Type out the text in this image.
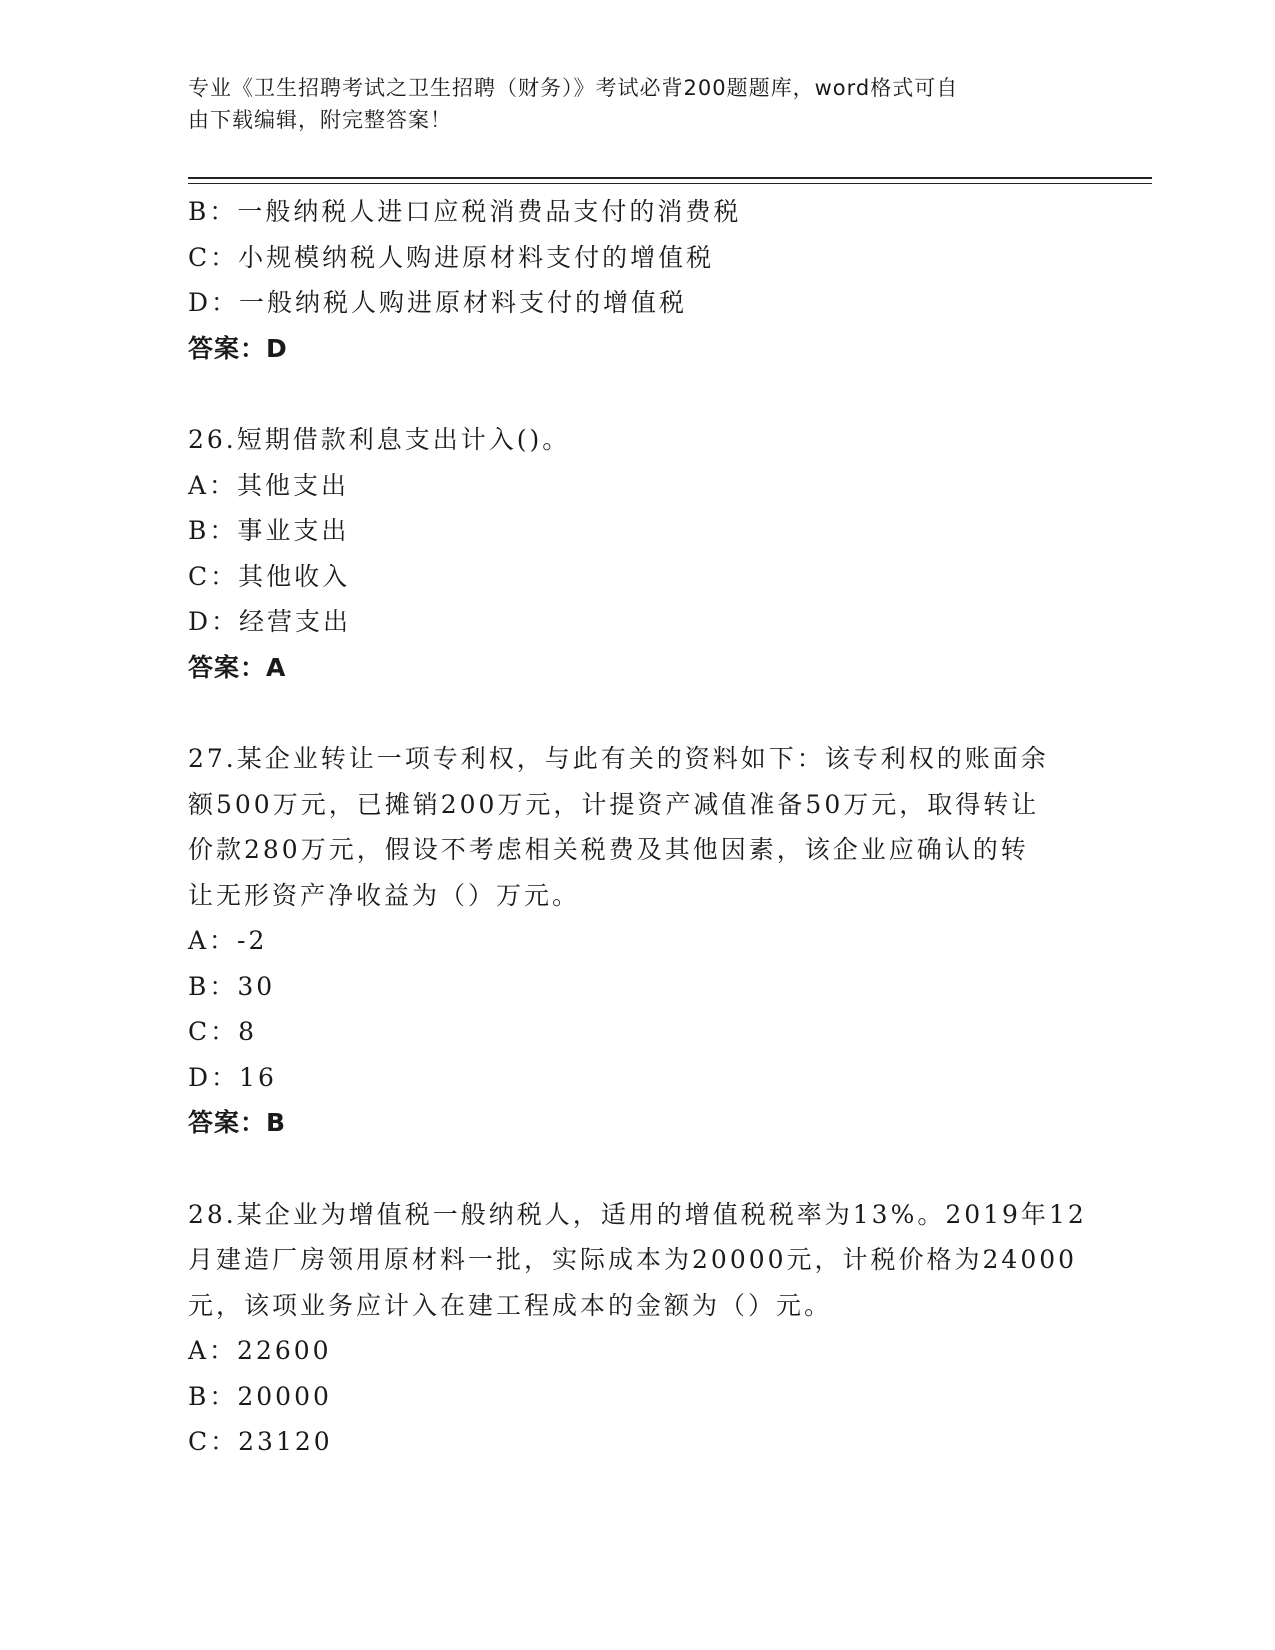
专业《卫生招聘考试之卫生招聘（财务）》考试必背200题题库，word格式可自
由下载编辑，附完整答案！
B：一般纳税人进口应税消费品支付的消费税
C：小规模纳税人购进原材料支付的增值税
D：一般纳税人购进原材料支付的增值税
答案：D
26.短期借款利息支出计入()。
A：其他支出
B：事业支出
C：其他收入
D：经营支出
答案：A
27.某企业转让一项专利权，与此有关的资料如下：该专利权的账面余
额500万元，已摊销200万元，计提资产减值准备50万元，取得转让
价款280万元，假设不考虑相关税费及其他因素，该企业应确认的转
让无形资产净收益为（）万元。
A：-2
B：30
C：8
D：16
答案：B
28.某企业为增值税一般纳税人，适用的增值税税率为13%。2019年12
月建造厂房领用原材料一批，实际成本为20000元，计税价格为24000
元，该项业务应计入在建工程成本的金额为（）元。
A：22600
B：20000
C：23120
